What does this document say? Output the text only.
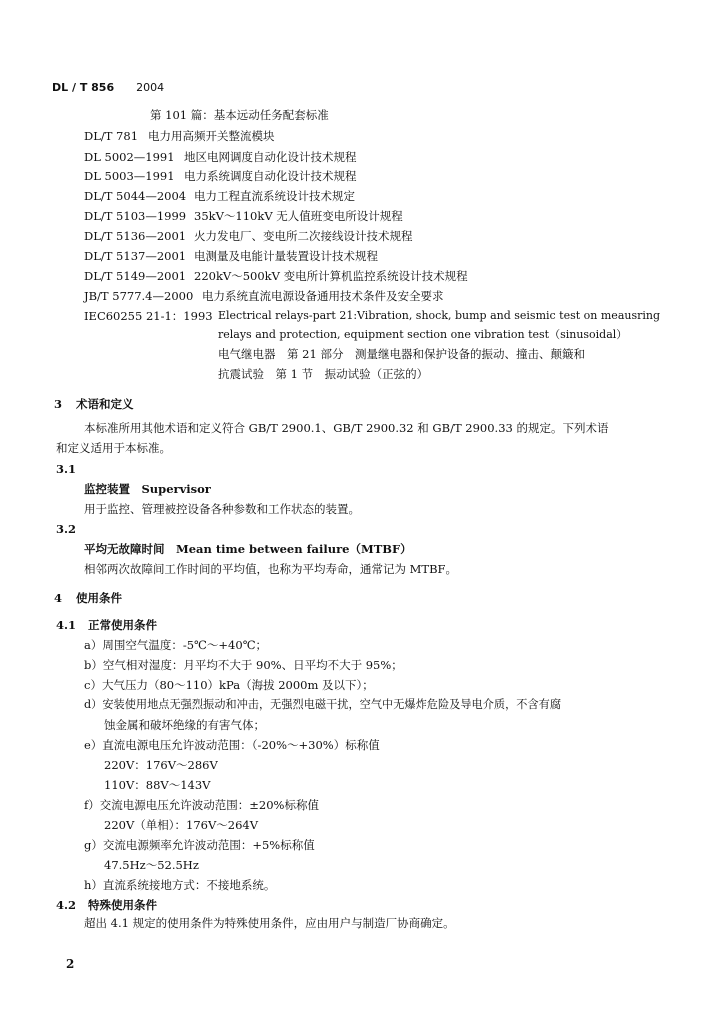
DL / T 856 2004
第 101 篇：基本远动任务配套标准
DL/T 781 电力用高频开关整流模块
DL 5002—1991 地区电网调度自动化设计技术规程
DL 5003—1991 电力系统调度自动化设计技术规程
DL/T 5044—2004 电力工程直流系统设计技术规定
DL/T 5103—1999 35kV～110kV 无人值班变电所设计规程
DL/T 5136—2001 火力发电厂、变电所二次接线设计技术规程
DL/T 5137—2001 电测量及电能计量装置设计技术规程
DL/T 5149—2001 220kV～500kV 变电所计算机监控系统设计技术规程
JB/T 5777.4—2000 电力系统直流电源设备通用技术条件及安全要求
IEC60255 21-1：1993 Electrical relays-part 21:Vibration, shock, bump and seismic test on meausring
relays and protection, equipment section one vibration test（sinusoidal）
电气继电器　第 21 部分　测量继电器和保护设备的振动、撞击、颠簸和
抗震试验　第 1 节　振动试验（正弦的）
3 术语和定义
本标准所用其他术语和定义符合 GB/T 2900.1、GB/T 2900.32 和 GB/T 2900.33 的规定。下列术语
和定义适用于本标准。
3.1
监控装置　Supervisor
用于监控、管理被控设备各种参数和工作状态的装置。
3.2
平均无故障时间　Mean time between failure（MTBF）
相邻两次故障间工作时间的平均值，也称为平均寿命，通常记为 MTBF。
4 使用条件
4.1 正常使用条件
a）周围空气温度：-5℃～+40℃；
b）空气相对湿度：月平均不大于 90%、日平均不大于 95%；
c）大气压力（80～110）kPa（海拔 2000m 及以下）；
d）安装使用地点无强烈振动和冲击，无强烈电磁干扰，空气中无爆炸危险及导电介质，不含有腐
蚀金属和破坏绝缘的有害气体；
e）直流电源电压允许波动范围：（-20%～+30%）标称值
220V：176V～286V
110V：88V～143V
f）交流电源电压允许波动范围：±20%标称值
220V（单相）：176V～264V
g）交流电源频率允许波动范围：+5%标称值
47.5Hz～52.5Hz
h）直流系统接地方式：不接地系统。
4.2 特殊使用条件
超出 4.1 规定的使用条件为特殊使用条件，应由用户与制造厂协商确定。
2
